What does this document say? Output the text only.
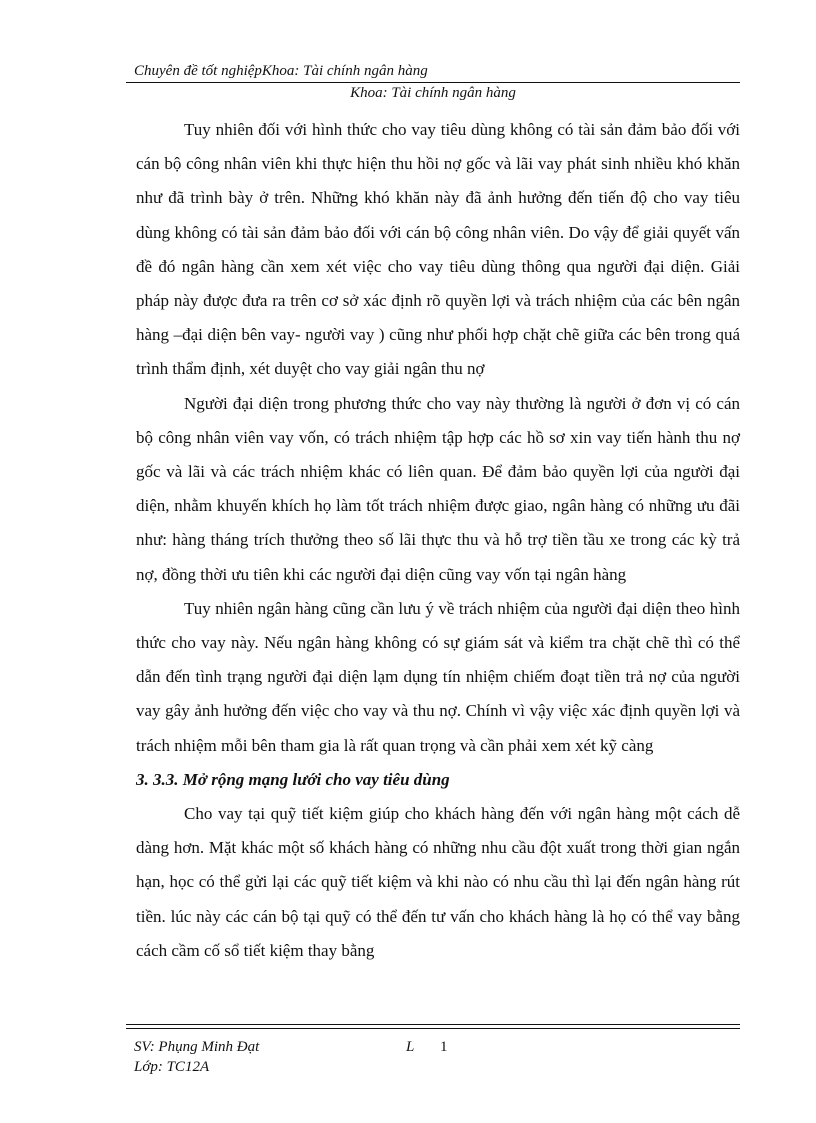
Chuyên đề tốt nghiệpKhoa: Tài chính ngân hàng
Khoa: Tài chính ngân hàng

Tuy nhiên đối với hình thức cho vay tiêu dùng không có tài sản đảm bảo đối với cán bộ công nhân viên khi thực hiện thu hồi nợ gốc và lãi vay phát sinh nhiều khó khăn như đã trình bày ở trên. Những khó khăn này đã ảnh hưởng đến tiến độ cho vay tiêu dùng không có tài sản đảm bảo đối với cán bộ công nhân viên. Do vậy để giải quyết vấn đề đó ngân hàng cần xem xét việc cho vay tiêu dùng thông qua người đại diện. Giải pháp này được đưa ra trên cơ sở xác định rõ quyền lợi và trách nhiệm của các bên ngân hàng –đại diện bên vay- người vay ) cũng như phối hợp chặt chẽ giữa các bên trong quá trình thẩm định, xét duyệt cho vay giải ngân thu nợ

Người đại diện trong phương thức cho vay này thường là người ở đơn vị có cán bộ công nhân viên vay vốn, có trách nhiệm tập hợp các hồ sơ xin vay tiến hành thu nợ gốc và lãi và các trách nhiệm khác có liên quan. Để đảm bảo quyền lợi của người đại diện, nhằm khuyến khích họ làm tốt trách nhiệm được giao, ngân hàng có những ưu đãi như: hàng tháng trích thưởng theo số lãi thực thu và hỗ trợ tiền tầu xe trong các kỳ trả nợ, đồng thời ưu tiên khi các người đại diện cũng vay vốn tại ngân hàng

Tuy nhiên ngân hàng cũng cần lưu ý về trách nhiệm của người đại diện theo hình thức cho vay này. Nếu ngân hàng không có sự giám sát và kiểm tra chặt chẽ thì có thể dẫn đến tình trạng người đại diện lạm dụng tín nhiệm chiếm đoạt tiền trả nợ của người vay gây ảnh hưởng đến việc cho vay và thu nợ. Chính vì vậy việc xác định quyền lợi và trách nhiệm mỗi bên tham gia là rất quan trọng và cần phải xem xét kỹ càng

3. 3.3. Mở rộng mạng lưới cho vay tiêu dùng

Cho vay tại quỹ tiết kiệm giúp cho khách hàng đến với ngân hàng một cách dễ dàng hơn. Mặt khác một số khách hàng có những nhu cầu đột xuất trong thời gian ngắn hạn, học có thể gửi lại các quỹ tiết kiệm và khi nào có nhu cầu thì lại đến ngân hàng rút tiền. lúc này các cán bộ tại quỹ có thể đến tư vấn cho khách hàng là họ có thể vay bằng cách cầm cố sổ tiết kiệm thay bằng

SV: Phụng Minh Đạt	L 1
Lớp: TC12A
